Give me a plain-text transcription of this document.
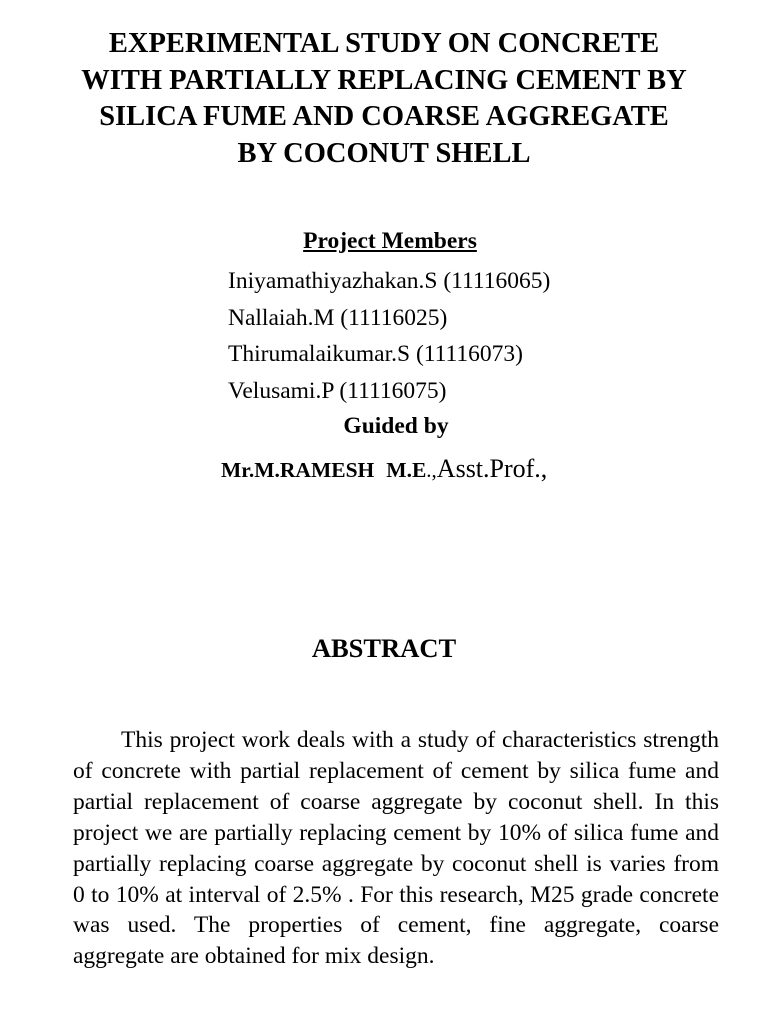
EXPERIMENTAL STUDY ON CONCRETE
WITH PARTIALLY REPLACING CEMENT BY
SILICA FUME AND COARSE AGGREGATE
BY COCONUT SHELL
Project Members
Iniyamathiyazhakan.S (11116065)
Nallaiah.M (11116025)
Thirumalaikumar.S (11116073)
Velusami.P (11116075)
Guided by

Mr.M.RAMESH M.E.,Asst.Prof.,

ABSTRACT

This project work deals with a study of characteristics strength of concrete with partial replacement of cement by silica fume and partial replacement of coarse aggregate by coconut shell. In this project we are partially replacing cement by 10% of silica fume and partially replacing coarse aggregate by coconut shell is varies from 0 to 10% at interval of 2.5% . For this research, M25 grade concrete was used. The properties of cement, fine aggregate, coarse aggregate are obtained for mix design.
